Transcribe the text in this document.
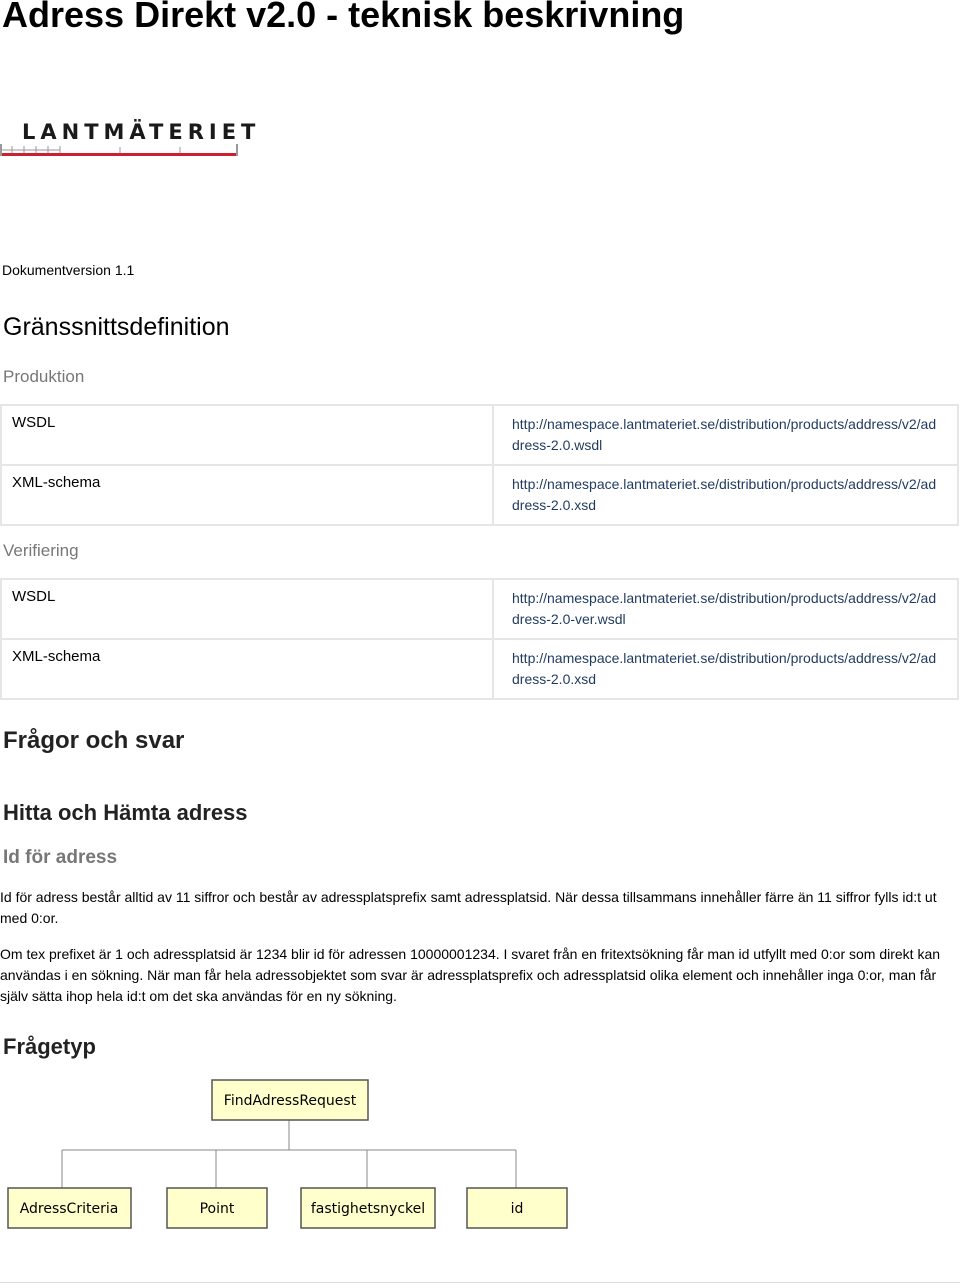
Adress Direkt v2.0 - teknisk beskrivning
LANTMÄTERIET
Dokumentversion 1.1
Gränssnittsdefinition
Produktion
WSDL	http://namespace.lantmateriet.se/distribution/products/address/v2/ad
dress-2.0.wsdl
XML-schema	http://namespace.lantmateriet.se/distribution/products/address/v2/ad
dress-2.0.xsd
Verifiering
WSDL	http://namespace.lantmateriet.se/distribution/products/address/v2/ad
dress-2.0-ver.wsdl
XML-schema	http://namespace.lantmateriet.se/distribution/products/address/v2/ad
dress-2.0.xsd
Frågor och svar
Hitta och Hämta adress
Id för adress

Id för adress består alltid av 11 siffror och består av adressplatsprefix samt adressplatsid. När dessa tillsammans innehåller färre än 11 siffror fylls id:t ut med 0:or.

Om tex prefixet är 1 och adressplatsid är 1234 blir id för adressen 10000001234. I svaret från en fritextsökning får man id utfyllt med 0:or som direkt kan användas i en sökning. När man får hela adressobjektet som svar är adressplatsprefix och adressplatsid olika element och innehåller inga 0:or, man får själv sätta ihop hela id:t om det ska användas för en ny sökning.

Frågetyp
FindAdressRequest
AdressCriteria	Point	fastighetsnyckel	id
